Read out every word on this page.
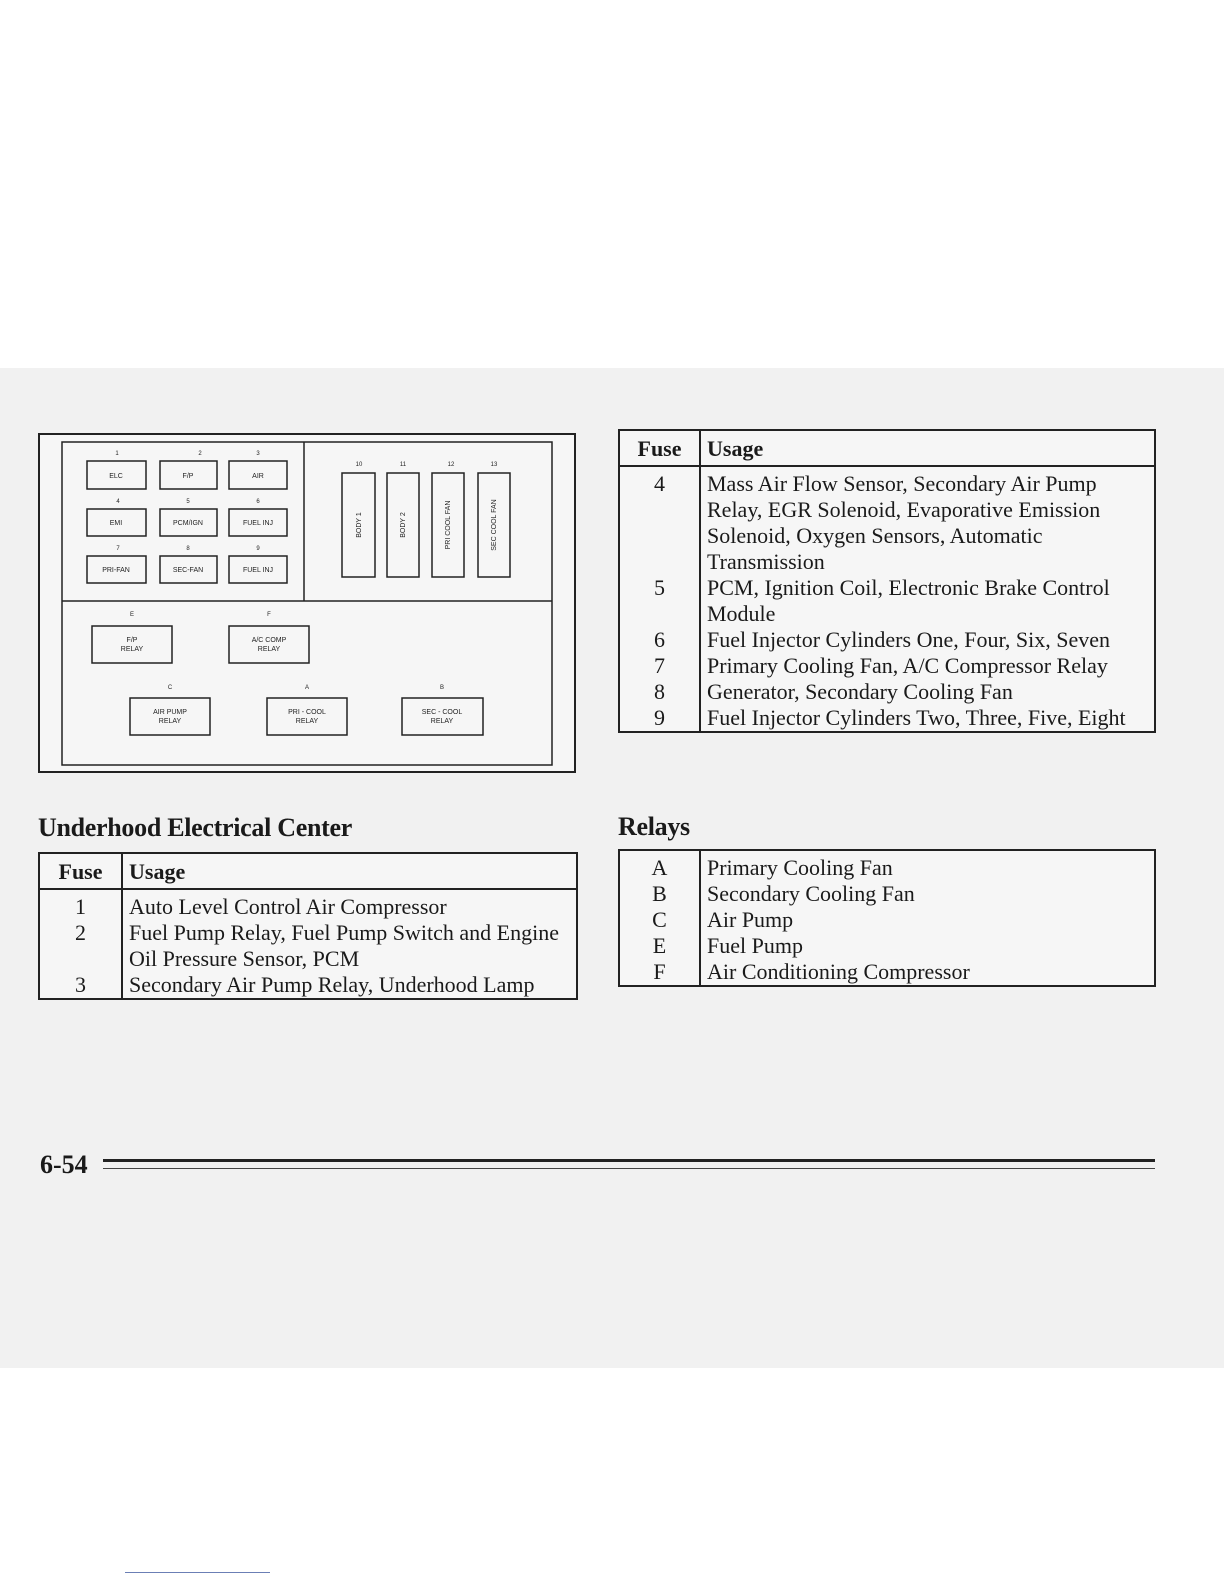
1
ELC
2
F/P
3
AIR
4
EMI
5
PCM/IGN
6
FUEL INJ
7
PRI-FAN
8
SEC-FAN
9
FUEL INJ
10
BODY 1
11
BODY 2
12
PRI COOL FAN
13
SEC COOL FAN
E
F/P
RELAY
F
A/C COMP
RELAY
C
AIR PUMP
RELAY
A
PRI - COOL
RELAY
B
SEC - COOL
RELAY
Underhood Electrical Center
Fuse	Usage
1	Auto Level Control Air Compressor
2	Fuel Pump Relay, Fuel Pump Switch and Engine Oil Pressure Sensor, PCM
3	Secondary Air Pump Relay, Underhood Lamp
Fuse	Usage
4	Mass Air Flow Sensor, Secondary Air Pump Relay, EGR Solenoid, Evaporative Emission Solenoid, Oxygen Sensors, Automatic Transmission
5	PCM, Ignition Coil, Electronic Brake Control Module
6	Fuel Injector Cylinders One, Four, Six, Seven
7	Primary Cooling Fan, A/C Compressor Relay
8	Generator, Secondary Cooling Fan
9	Fuel Injector Cylinders Two, Three, Five, Eight
Relays
A	Primary Cooling Fan
B	Secondary Cooling Fan
C	Air Pump
E	Fuel Pump
F	Air Conditioning Compressor
6-54
